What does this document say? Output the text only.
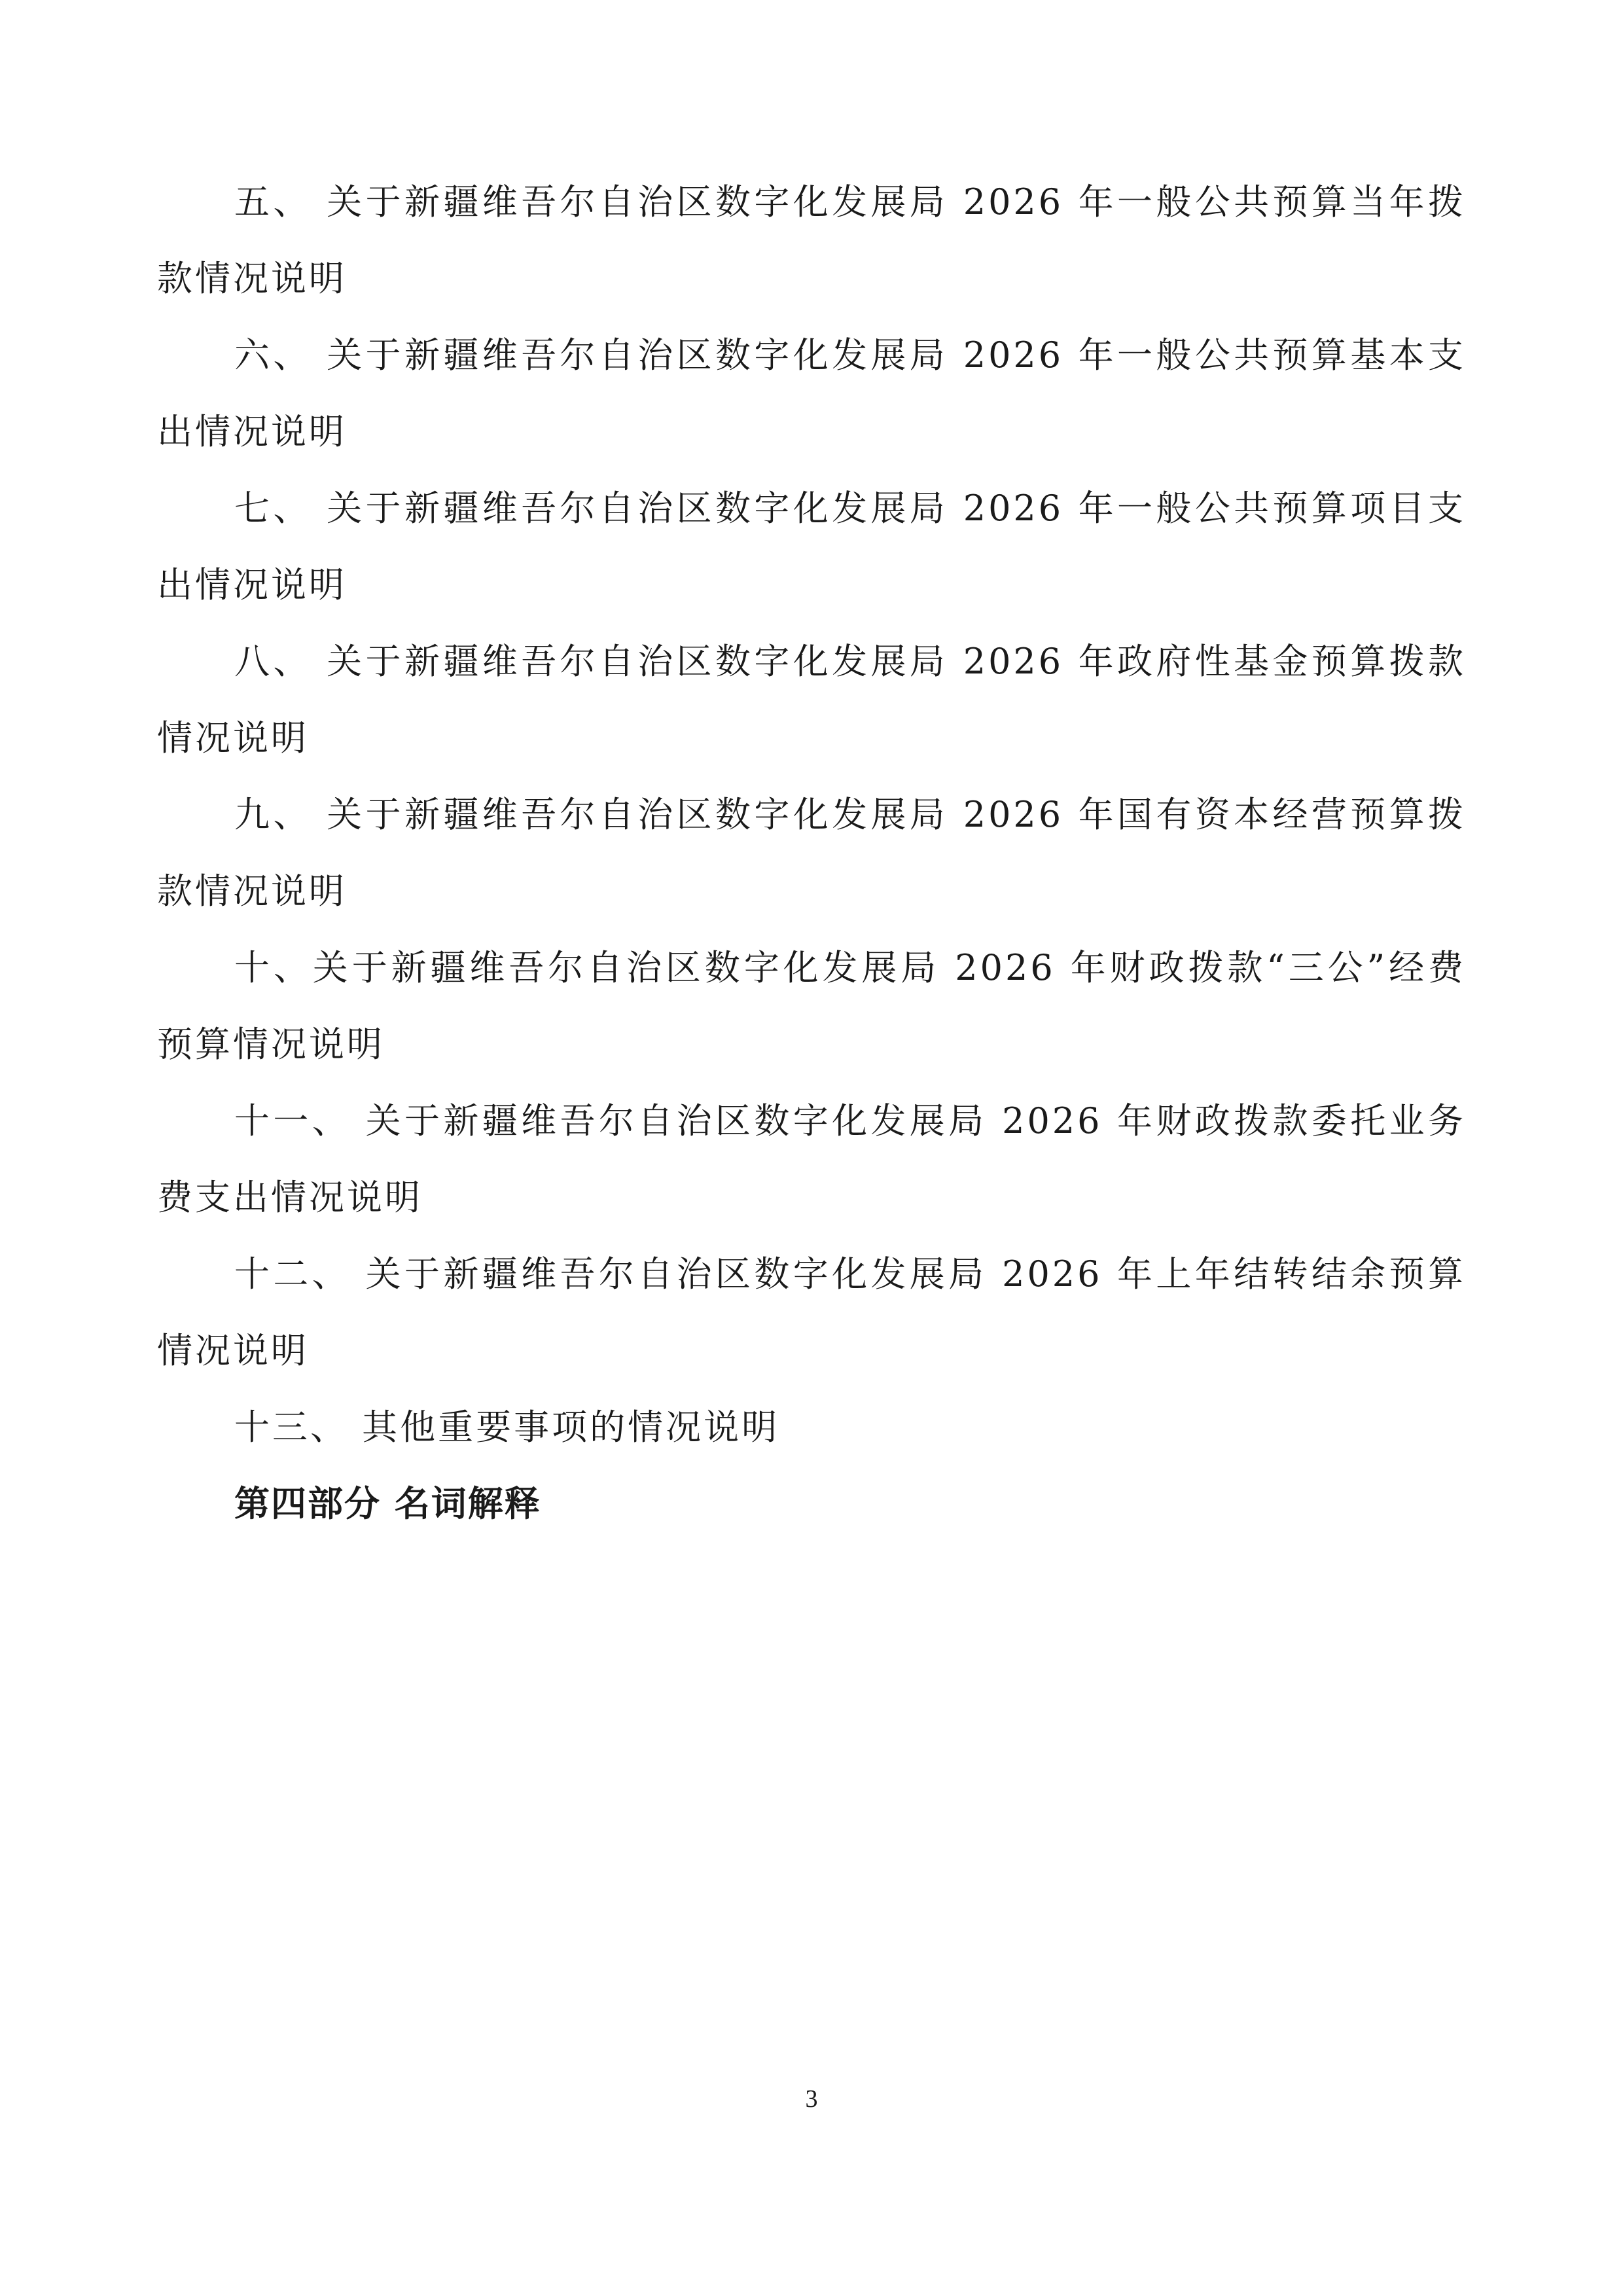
五、 关于新疆维吾尔自治区数字化发展局 2026 年一般公共预算当年拨款情况说明

六、 关于新疆维吾尔自治区数字化发展局 2026 年一般公共预算基本支出情况说明

七、 关于新疆维吾尔自治区数字化发展局 2026 年一般公共预算项目支出情况说明

八、 关于新疆维吾尔自治区数字化发展局 2026 年政府性基金预算拨款情况说明

九、 关于新疆维吾尔自治区数字化发展局 2026 年国有资本经营预算拨款情况说明

十、关于新疆维吾尔自治区数字化发展局 2026 年财政拨款“三公”经费预算情况说明

十一、 关于新疆维吾尔自治区数字化发展局 2026 年财政拨款委托业务费支出情况说明

十二、 关于新疆维吾尔自治区数字化发展局 2026 年上年结转结余预算情况说明

十三、 其他重要事项的情况说明

第四部分 名词解释

3
